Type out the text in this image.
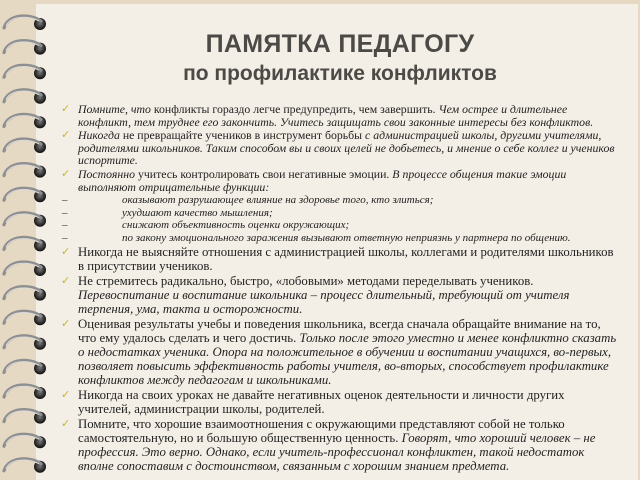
ПАМЯТКА ПЕДАГОГУ
по профилактике конфликтов
✓ Помните, что конфликты гораздо легче предупредить, чем завершить. Чем острее и длительнее конфликт, тем труднее его закончить. Учитесь защищать свои законные интересы без конфликтов.
✓ Никогда не превращайте учеников в инструмент борьбы с администрацией школы, другими учителями, родителями школьников. Таким способом вы и своих целей не добьетесь, и мнение о себе коллег и учеников испортите.
✓ Постоянно учитесь контролировать свои негативные эмоции. В процессе общения такие эмоции выполняют отрицательные функции:
–	оказывают разрушающее влияние на здоровье того, кто злиться;
–	ухудшают качество мышления;
–	снижают объективность оценки окружающих;
–	по закону эмоционального заражения вызывают ответную неприязнь у партнера по общению.
✓ Никогда не выясняйте отношения с администрацией школы, коллегами и родителями школьников в присутствии учеников.
✓ Не стремитесь радикально, быстро, «лобовыми» методами переделывать учеников. Перевоспитание и воспитание школьника – процесс длительный, требующий от учителя терпения, ума, такта и осторожности.
✓ Оценивая результаты учебы и поведения школьника, всегда сначала обращайте внимание на то, что ему удалось сделать и чего достичь. Только после этого уместно и менее конфликтно сказать о недостатках ученика. Опора на положительное в обучении и воспитании учащихся, во-первых, позволяет повысить эффективность работы учителя, во-вторых, способствует профилактике конфликтов между педагогам и школьниками.
✓ Никогда на своих уроках не давайте негативных оценок деятельности и личности других учителей, администрации школы, родителей.
✓ Помните, что хорошие взаимоотношения с окружающими представляют собой не только самостоятельную, но и большую общественную ценность. Говорят, что хороший человек – не профессия. Это верно. Однако, если учитель-профессионал конфликтен, такой недостаток вполне сопоставим с достоинством, связанным с хорошим знанием предмета.
